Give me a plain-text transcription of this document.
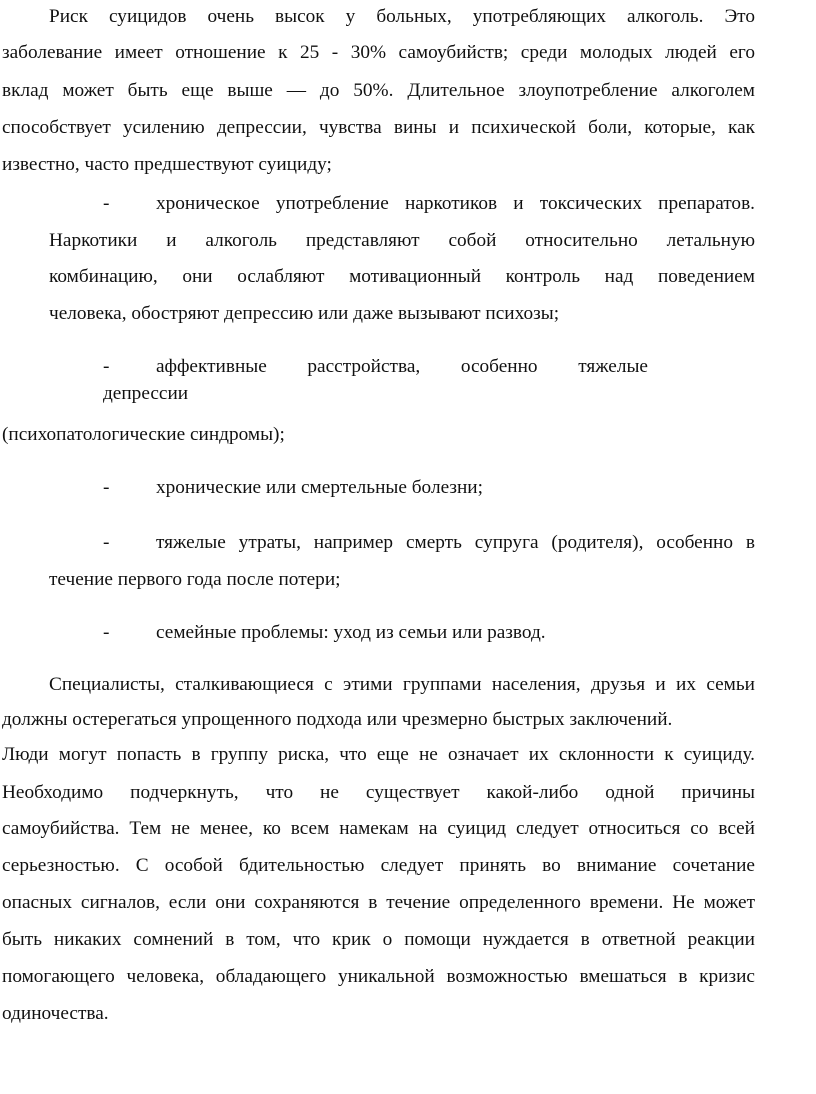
Риск суицидов очень высок у больных, употребляющих алкоголь. Это
заболевание имеет отношение к 25 - 30% самоубийств; среди молодых людей его
вклад может быть еще выше — до 50%. Длительное злоупотребление алкоголем
способствует усилению депрессии, чувства вины и психической боли, которые, как
известно, часто предшествуют суициду;
- хроническое употребление наркотиков и токсических препаратов.
Наркотики и алкоголь представляют собой относительно летальную
комбинацию, они ослабляют мотивационный контроль над поведением
человека, обостряют депрессию или даже вызывают психозы;
- аффективные расстройства, особенно тяжелые
депрессии
(психопатологические синдромы);
- хронические или смертельные болезни;
- тяжелые утраты, например смерть супруга (родителя), особенно в
течение первого года после потери;
- семейные проблемы: уход из семьи или развод.
Специалисты, сталкивающиеся с этими группами населения, друзья и их семьи
должны остерегаться упрощенного подхода или чрезмерно быстрых заключений.
Люди могут попасть в группу риска, что еще не означает их склонности к суициду.
Необходимо подчеркнуть, что не существует какой-либо одной причины
самоубийства. Тем не менее, ко всем намекам на суицид следует относиться со всей
серьезностью. С особой бдительностью следует принять во внимание сочетание
опасных сигналов, если они сохраняются в течение определенного времени. Не может
быть никаких сомнений в том, что крик о помощи нуждается в ответной реакции
помогающего человека, обладающего уникальной возможностью вмешаться в кризис
одиночества.
